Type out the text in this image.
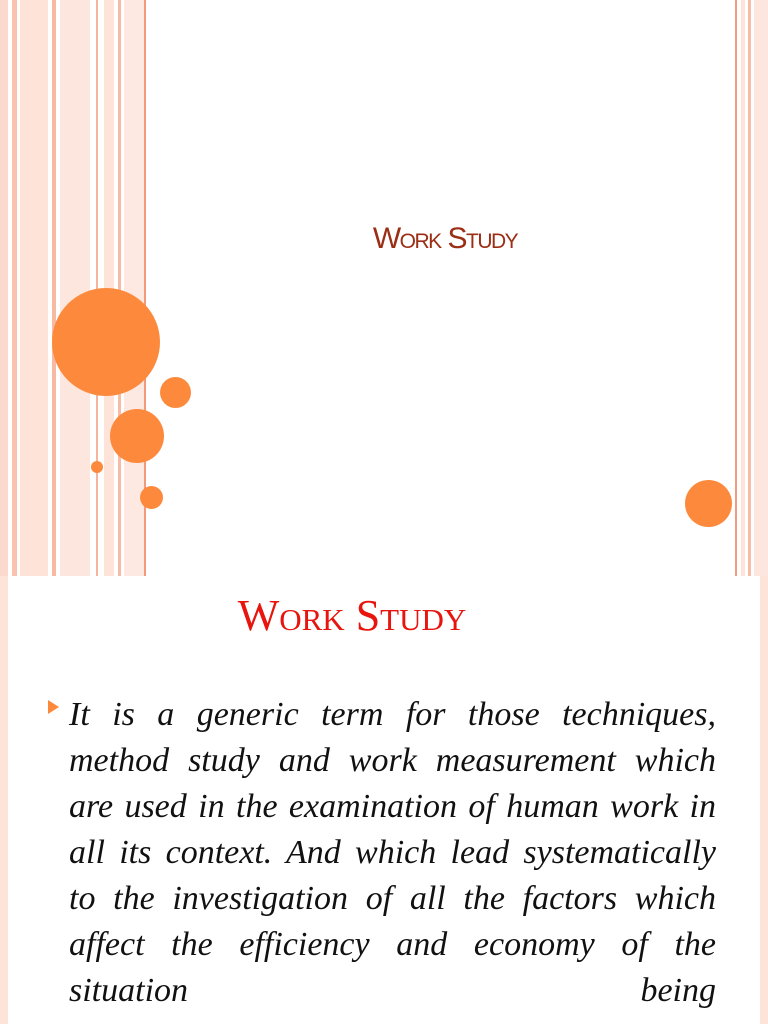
Work Study
Work Study
It is a generic term for those techniques, method study and work measurement which are used in the examination of human work in all its context. And which lead systematically to the investigation of all the factors which affect the efficiency and economy of the situation being
